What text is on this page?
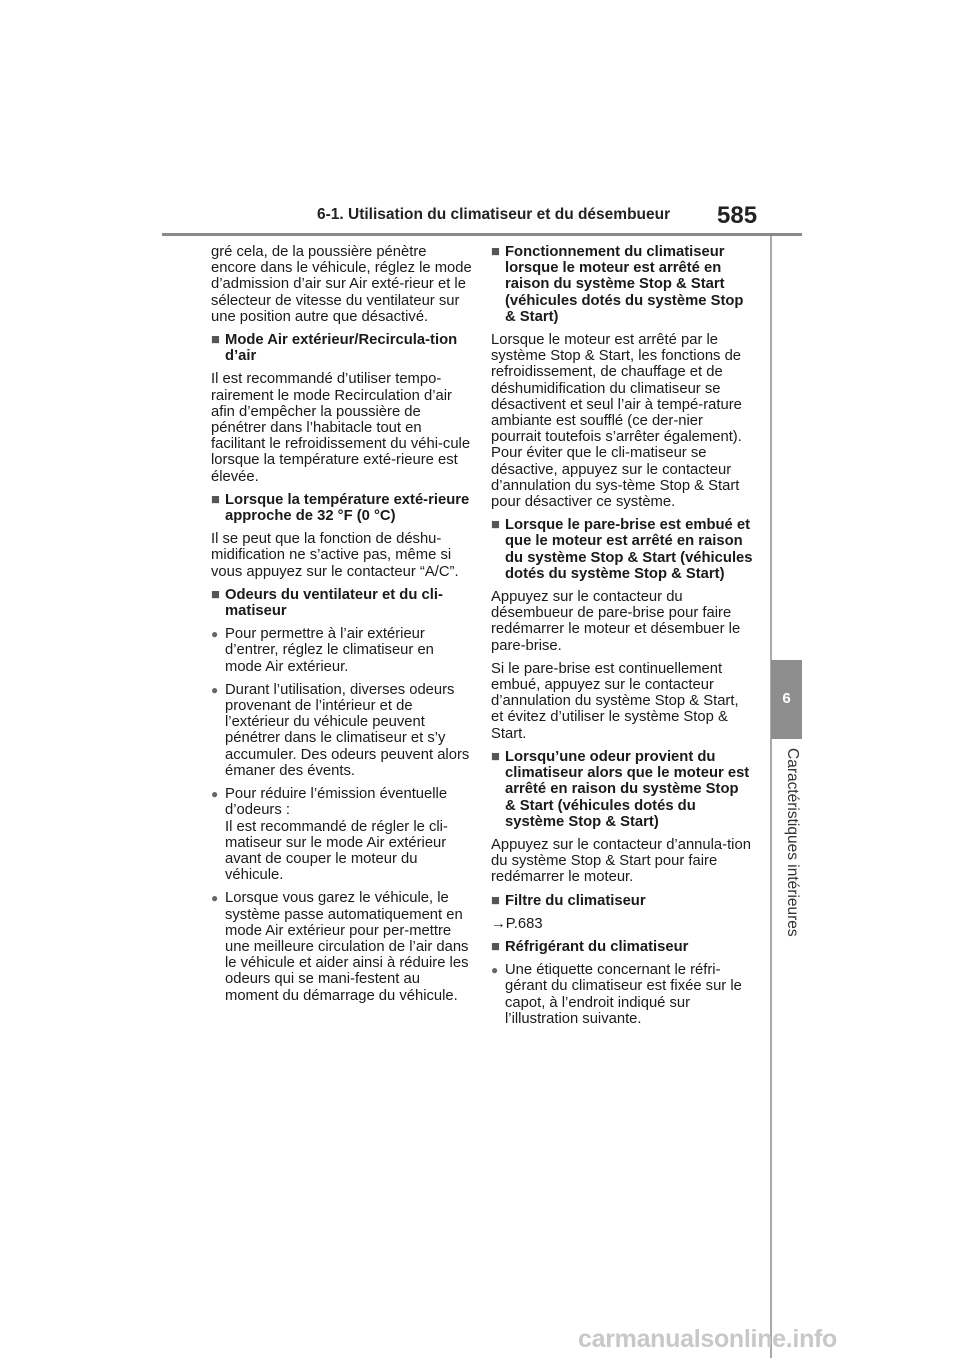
6-1. Utilisation du climatiseur et du désembueur 585
6
Caractéristiques intérieures

gré cela, de la poussière pénètre encore dans le véhicule, réglez le mode d’admission d’air sur Air exté-rieur et le sélecteur de vitesse du ventilateur sur une position autre que désactivé.

■ Mode Air extérieur/Recircula-tion d’air

Il est recommandé d’utiliser tempo-rairement le mode Recirculation d’air afin d’empêcher la poussière de pénétrer dans l’habitacle tout en facilitant le refroidissement du véhi-cule lorsque la température exté-rieure est élevée.

■ Lorsque la température exté-rieure approche de 32 °F (0 °C)

Il se peut que la fonction de déshu-midification ne s’active pas, même si vous appuyez sur le contacteur “A/C”.

■ Odeurs du ventilateur et du cli-matiseur
●
Pour permettre à l’air extérieur d’entrer, réglez le climatiseur en mode Air extérieur.
●
Durant l’utilisation, diverses odeurs provenant de l’intérieur et de l’extérieur du véhicule peuvent pénétrer dans le climatiseur et s’y accumuler. Des odeurs peuvent alors émaner des évents.
●
Pour réduire l’émission éventuelle d’odeurs :
Il est recommandé de régler le cli-matiseur sur le mode Air extérieur avant de couper le moteur du véhicule.
●
Lorsque vous garez le véhicule, le système passe automatiquement en mode Air extérieur pour per-mettre une meilleure circulation de l’air dans le véhicule et aider ainsi à réduire les odeurs qui se mani-festent au moment du démarrage du véhicule.
■ Fonctionnement du climatiseur lorsque le moteur est arrêté en raison du système Stop & Start (véhicules dotés du système Stop & Start)

Lorsque le moteur est arrêté par le système Stop & Start, les fonctions de refroidissement, de chauffage et de déshumidification du climatiseur se désactivent et seul l’air à tempé-rature ambiante est soufflé (ce der-nier pourrait toutefois s’arrêter également). Pour éviter que le cli-matiseur se désactive, appuyez sur le contacteur d’annulation du sys-tème Stop & Start pour désactiver ce système.

■ Lorsque le pare-brise est embué et que le moteur est arrêté en raison du système Stop & Start (véhicules dotés du système Stop & Start)

Appuyez sur le contacteur du désembueur de pare-brise pour faire redémarrer le moteur et désembuer le pare-brise.

Si le pare-brise est continuellement embué, appuyez sur le contacteur d’annulation du système Stop & Start, et évitez d’utiliser le système Stop & Start.

■ Lorsqu’une odeur provient du climatiseur alors que le moteur est arrêté en raison du système Stop & Start (véhicules dotés du système Stop & Start)

Appuyez sur le contacteur d’annula-tion du système Stop & Start pour faire redémarrer le moteur.

■ Filtre du climatiseur

→P.683

■ Réfrigérant du climatiseur
●
Une étiquette concernant le réfri-gérant du climatiseur est fixée sur le capot, à l’endroit indiqué sur l’illustration suivante.
carmanualsonline.info
